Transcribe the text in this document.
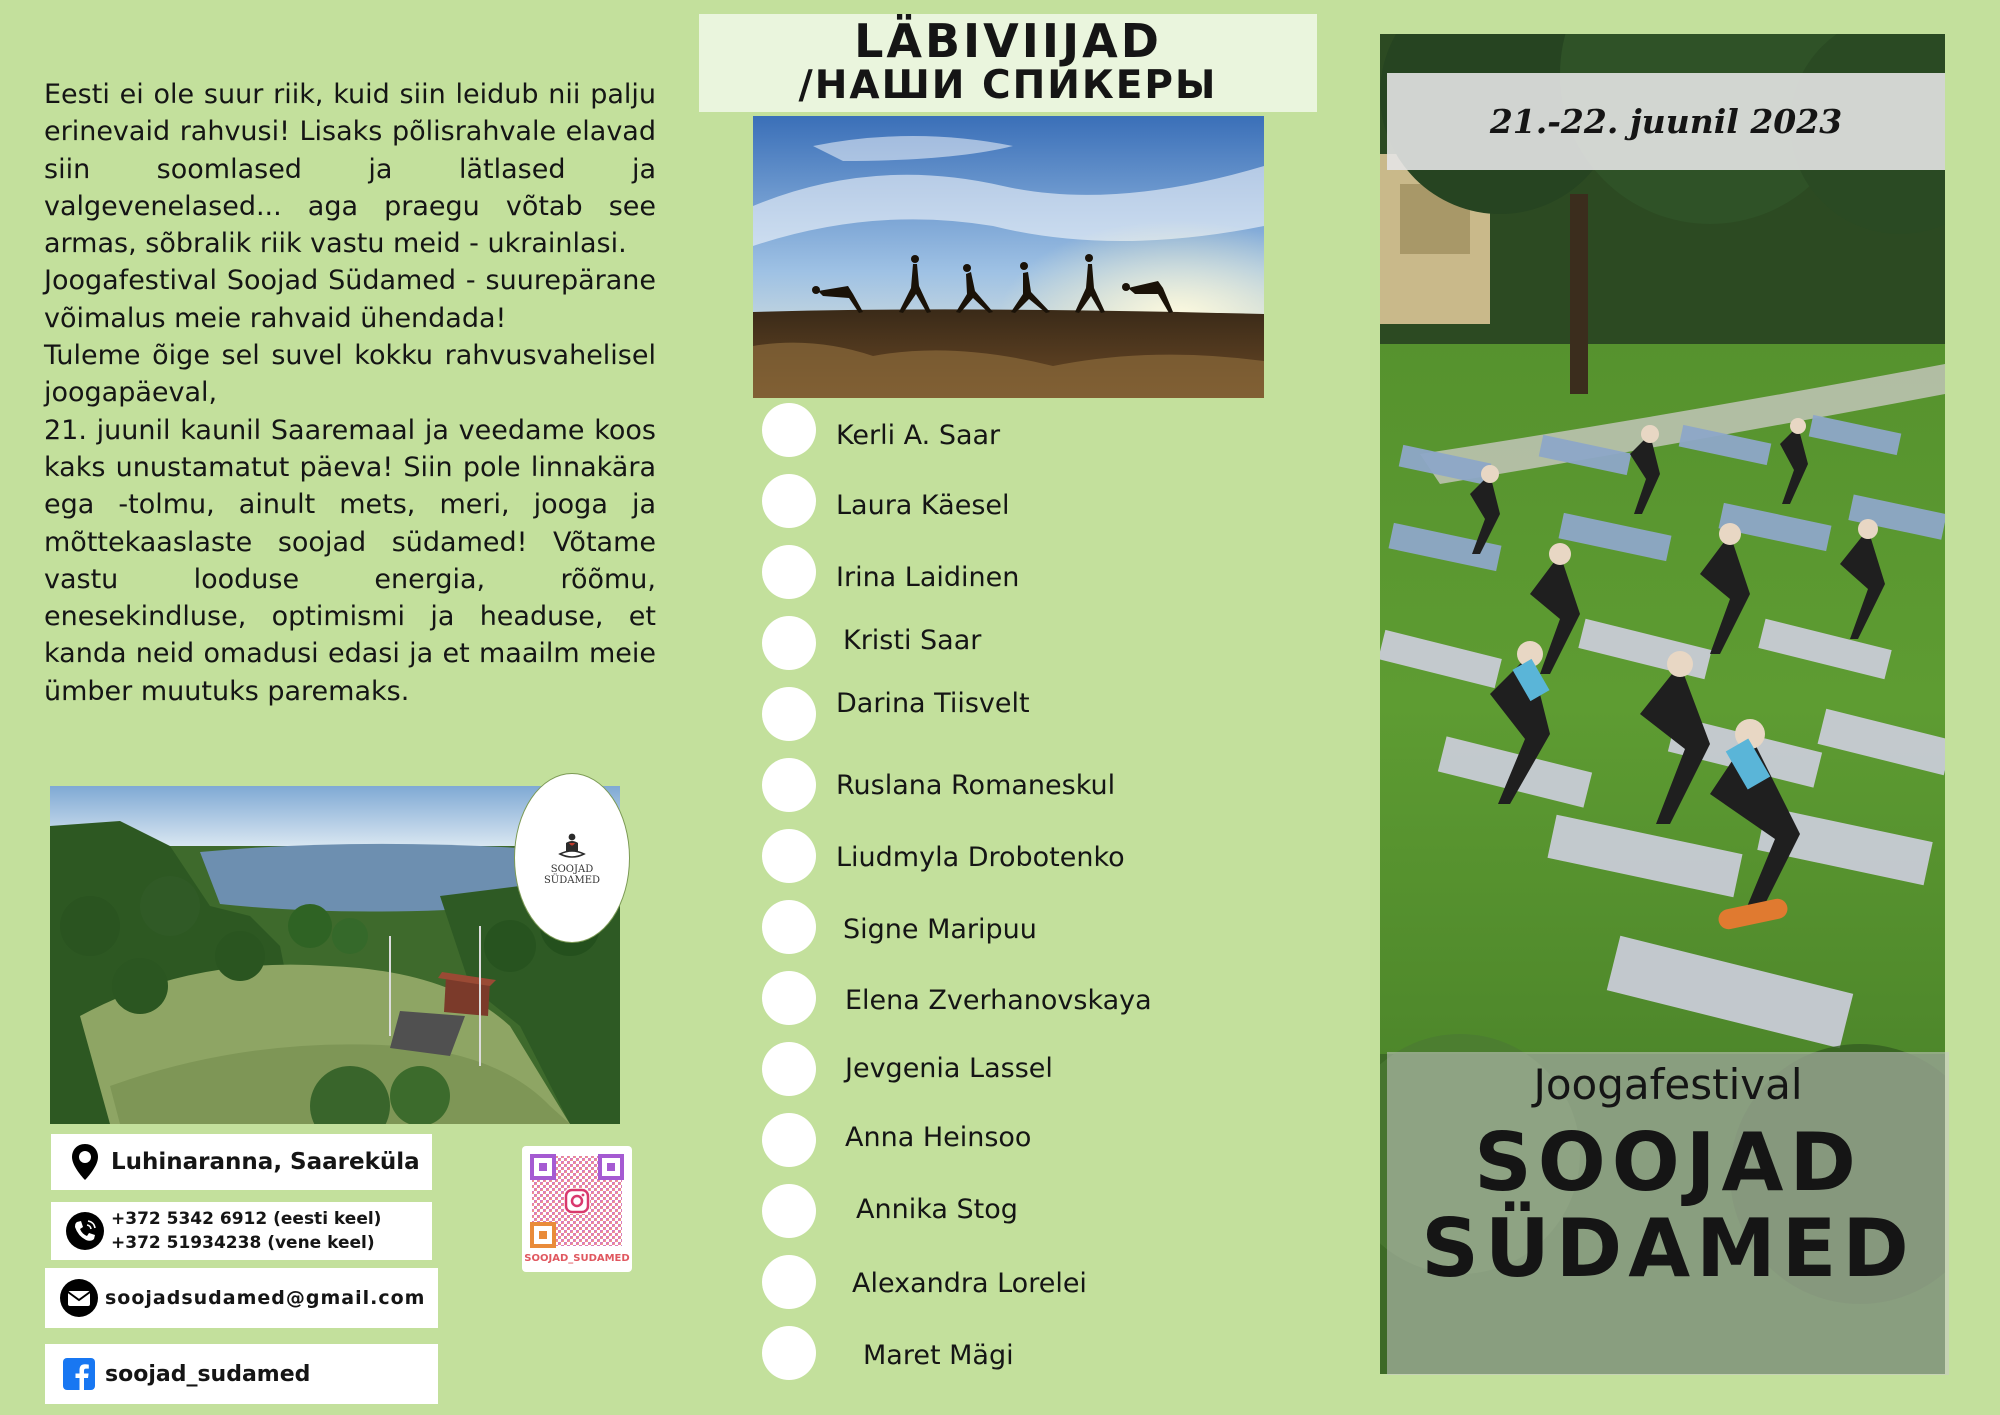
Eesti ei ole suur riik, kuid siin leidub nii palju erinevaid rahvusi! Lisaks põlisrahvale elavad siin soomlased ja lätlased ja valgevenelased... aga praegu võtab see armas, sõbralik riik vastu meid - ukrainlasi.

Joogafestival Soojad Südamed - suurepärane võimalus meie rahvaid ühendada!

Tuleme õige sel suvel kokku rahvusvahelisel joogapäeval,

21. juunil kaunil Saaremaal ja veedame koos kaks unustamatut päeva! Siin pole linnakära ega -tolmu, ainult mets, meri, jooga ja mõttekaaslaste soojad südamed! Võtame vastu looduse energia, rõõmu, enesekindluse, optimismi ja headuse, et kanda neid omadusi edasi ja et maailm meie ümber muutuks paremaks.

SOOJAD
SÜDAMED
Luhinaranna, Saareküla
+372 5342 6912 (eesti keel)
+372 51934238 (vene keel)
soojadsudamed@gmail.com
soojad_sudamed
SOOJAD_SUDAMED
LÄBIVIIJAD
/НАШИ СПИКЕРЫ
Kerli A. Saar
Laura Käesel
Irina Laidinen
Kristi Saar
Darina Tiisvelt
Ruslana Romaneskul
Liudmyla Drobotenko
Signe Maripuu
Elena Zverhanovskaya
Jevgenia Lassel
Anna Heinsoo
Annika Stog
Alexandra Lorelei
Maret Mägi
21.-22. juunil 2023
Joogafestival
SOOJAD
SÜDAMED
